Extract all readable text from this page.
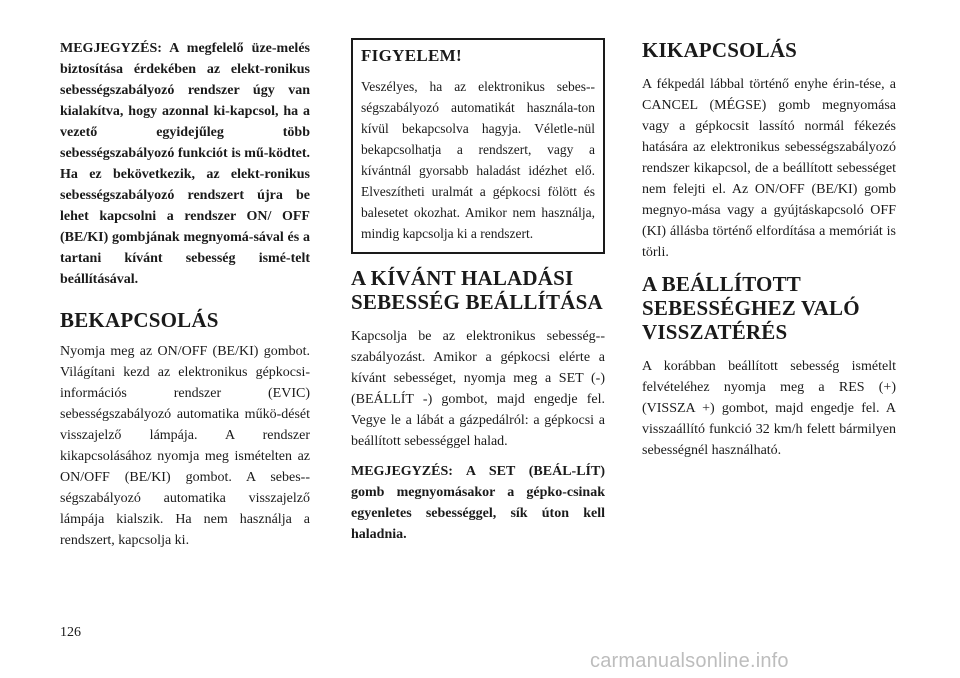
MEGJEGYZÉS: A megfelelő üze-melés biztosítása érdekében az elekt-ronikus sebességszabályozó rendszer úgy van kialakítva, hogy azonnal ki-kapcsol, ha a vezető egyidejűleg több sebességszabályozó funkciót is mű-ködtet. Ha ez bekövetkezik, az elekt-ronikus sebességszabályozó rendszert újra be lehet kapcsolni a rendszer ON/ OFF (BE/KI) gombjának megnyomá-sával és a tartani kívánt sebesség ismé-telt beállításával.

BEKAPCSOLÁS

Nyomja meg az ON/OFF (BE/KI) gombot. Világítani kezd az elektronikus gépkocsi-információs rendszer (EVIC) sebességszabályozó automatika műkö-dését visszajelző lámpája. A rendszer kikapcsolásához nyomja meg ismételten az ON/OFF (BE/KI) gombot. A sebes-ségszabályozó automatika visszajelző lámpája kialszik. Ha nem használja a rendszert, kapcsolja ki.

FIGYELEM!

Veszélyes, ha az elektronikus sebes-ségszabályozó automatikát használa-ton kívül bekapcsolva hagyja. Véletle-nül bekapcsolhatja a rendszert, vagy a kívántnál gyorsabb haladást idézhet elő. Elveszítheti uralmát a gépkocsi fölött és balesetet okozhat. Amikor nem használja, mindig kapcsolja ki a rendszert.

A KÍVÁNT HALADÁSI
SEBESSÉG BEÁLLÍTÁSA

Kapcsolja be az elektronikus sebesség-szabályozást. Amikor a gépkocsi elérte a kívánt sebességet, nyomja meg a SET (-) (BEÁLLÍT -) gombot, majd engedje fel. Vegye le a lábát a gázpedálról: a gépkocsi a beállított sebességgel halad.

MEGJEGYZÉS: A SET (BEÁL-LÍT) gomb megnyomásakor a gépko-csinak egyenletes sebességgel, sík úton kell haladnia.

KIKAPCSOLÁS

A fékpedál lábbal történő enyhe érin-tése, a CANCEL (MÉGSE) gomb megnyomása vagy a gépkocsit lassító normál fékezés hatására az elektronikus sebességszabályozó rendszer kikapcsol, de a beállított sebességet nem felejti el. Az ON/OFF (BE/KI) gomb megnyo-mása vagy a gyújtáskapcsoló OFF (KI) állásba történő elfordítása a memóriát is törli.

A BEÁLLÍTOTT
SEBESSÉGHEZ VALÓ
VISSZATÉRÉS

A korábban beállított sebesség ismételt felvételéhez nyomja meg a RES (+) (VISSZA +) gombot, majd engedje fel. A visszaállító funkció 32 km/h felett bármilyen sebességnél használható.

126
carmanualsonline.info
